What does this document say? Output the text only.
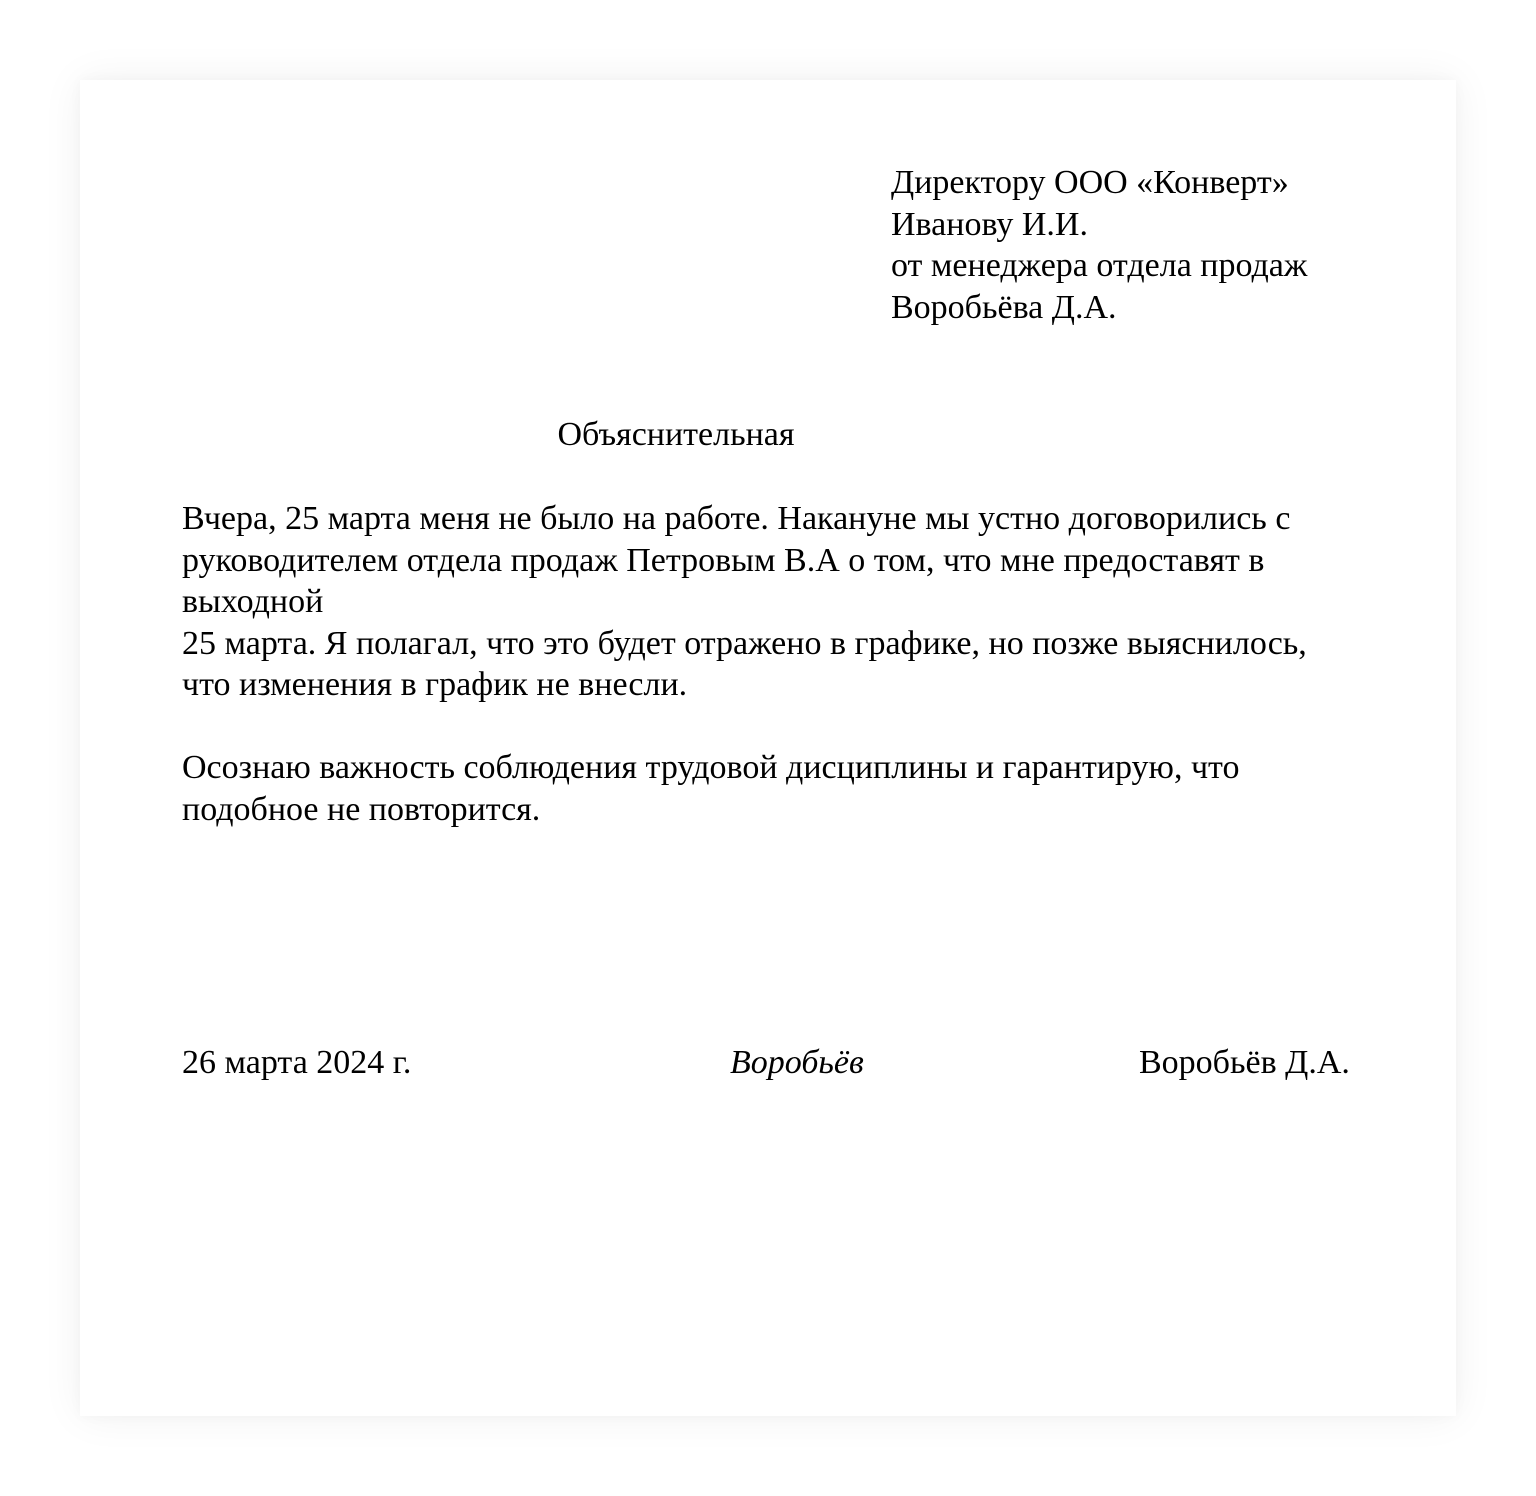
Директору ООО «Конверт»
Иванову И.И.
от менеджера отдела продаж
Воробьёва Д.А.
Объяснительная
Вчера, 25 марта меня не было на работе. Накануне мы устно договорились с
руководителем отдела продаж Петровым В.А о том, что мне предоставят в
выходной
25 марта. Я полагал, что это будет отражено в графике, но позже выяснилось,
что изменения в график не внесли.
Осознаю важность соблюдения трудовой дисциплины и гарантирую, что
подобное не повторится.
26 марта 2024 г.	Воробьёв	Воробьёв Д.А.
